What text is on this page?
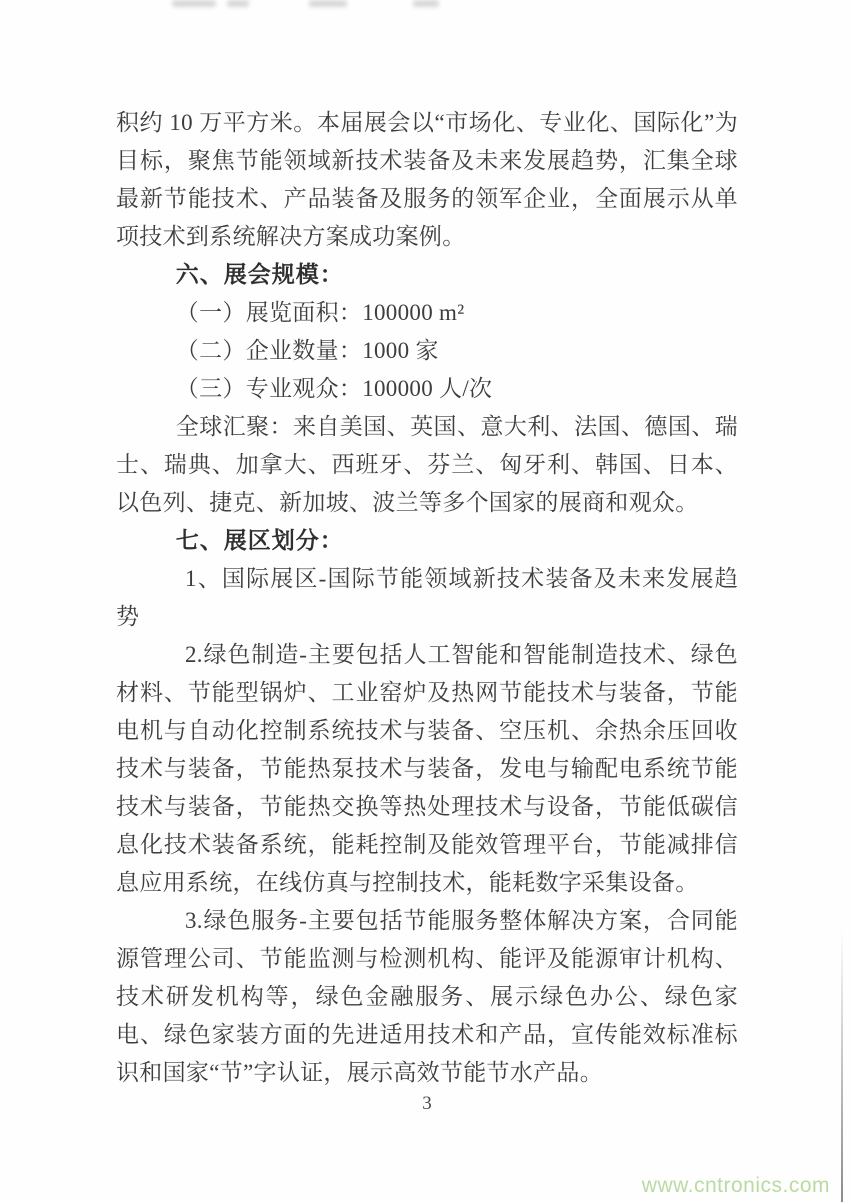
积约 10 万平方米。本届展会以“市场化、专业化、国际化”为目标，聚焦节能领域新技术装备及未来发展趋势，汇集全球最新节能技术、产品装备及服务的领军企业，全面展示从单项技术到系统解决方案成功案例。

六、展会规模：

（一）展览面积：100000 m²

（二）企业数量：1000 家

（三）专业观众：100000 人/次

全球汇聚：来自美国、英国、意大利、法国、德国、瑞士、瑞典、加拿大、西班牙、芬兰、匈牙利、韩国、日本、以色列、捷克、新加坡、波兰等多个国家的展商和观众。

七、展区划分：

1、国际展区-国际节能领域新技术装备及未来发展趋势

2.绿色制造-主要包括人工智能和智能制造技术、绿色材料、节能型锅炉、工业窑炉及热网节能技术与装备，节能电机与自动化控制系统技术与装备、空压机、余热余压回收技术与装备，节能热泵技术与装备，发电与输配电系统节能技术与装备，节能热交换等热处理技术与设备，节能低碳信息化技术装备系统，能耗控制及能效管理平台，节能减排信息应用系统，在线仿真与控制技术，能耗数字采集设备。

3.绿色服务-主要包括节能服务整体解决方案，合同能源管理公司、节能监测与检测机构、能评及能源审计机构、技术研发机构等，绿色金融服务、展示绿色办公、绿色家电、绿色家装方面的先进适用技术和产品，宣传能效标准标识和国家“节”字认证，展示高效节能节水产品。

3
www.cntronics.com
